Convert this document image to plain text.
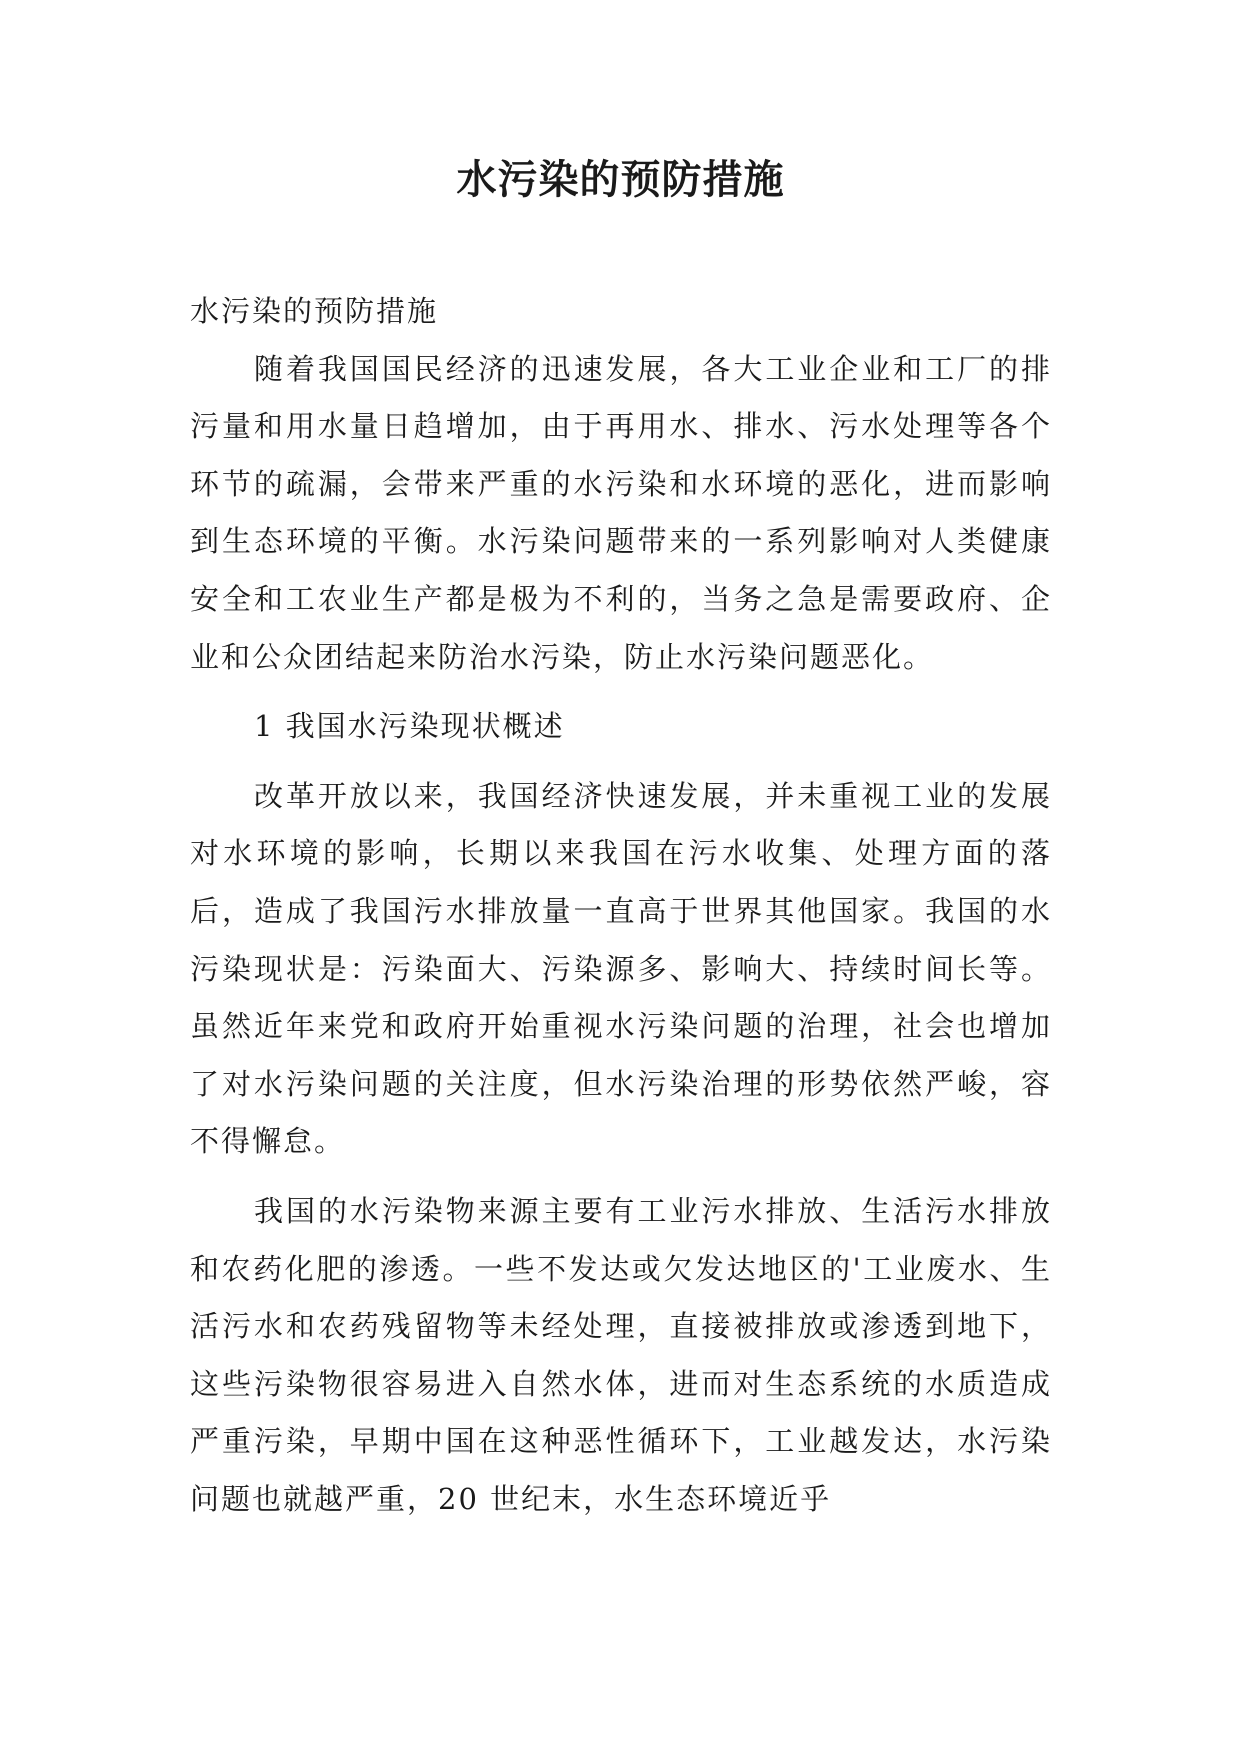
水污染的预防措施

水污染的预防措施

随着我国国民经济的迅速发展，各大工业企业和工厂的排污量和用水量日趋增加，由于再用水、排水、污水处理等各个环节的疏漏，会带来严重的水污染和水环境的恶化，进而影响到生态环境的平衡。水污染问题带来的一系列影响对人类健康安全和工农业生产都是极为不利的，当务之急是需要政府、企业和公众团结起来防治水污染，防止水污染问题恶化。

1 我国水污染现状概述

改革开放以来，我国经济快速发展，并未重视工业的发展对水环境的影响，长期以来我国在污水收集、处理方面的落后，造成了我国污水排放量一直高于世界其他国家。我国的水污染现状是：污染面大、污染源多、影响大、持续时间长等。虽然近年来党和政府开始重视水污染问题的治理，社会也增加了对水污染问题的关注度，但水污染治理的形势依然严峻，容不得懈怠。

我国的水污染物来源主要有工业污水排放、生活污水排放和农药化肥的渗透。一些不发达或欠发达地区的'工业废水、生活污水和农药残留物等未经处理，直接被排放或渗透到地下，这些污染物很容易进入自然水体，进而对生态系统的水质造成严重污染，早期中国在这种恶性循环下，工业越发达，水污染问题也就越严重，20 世纪末，水生态环境近乎
